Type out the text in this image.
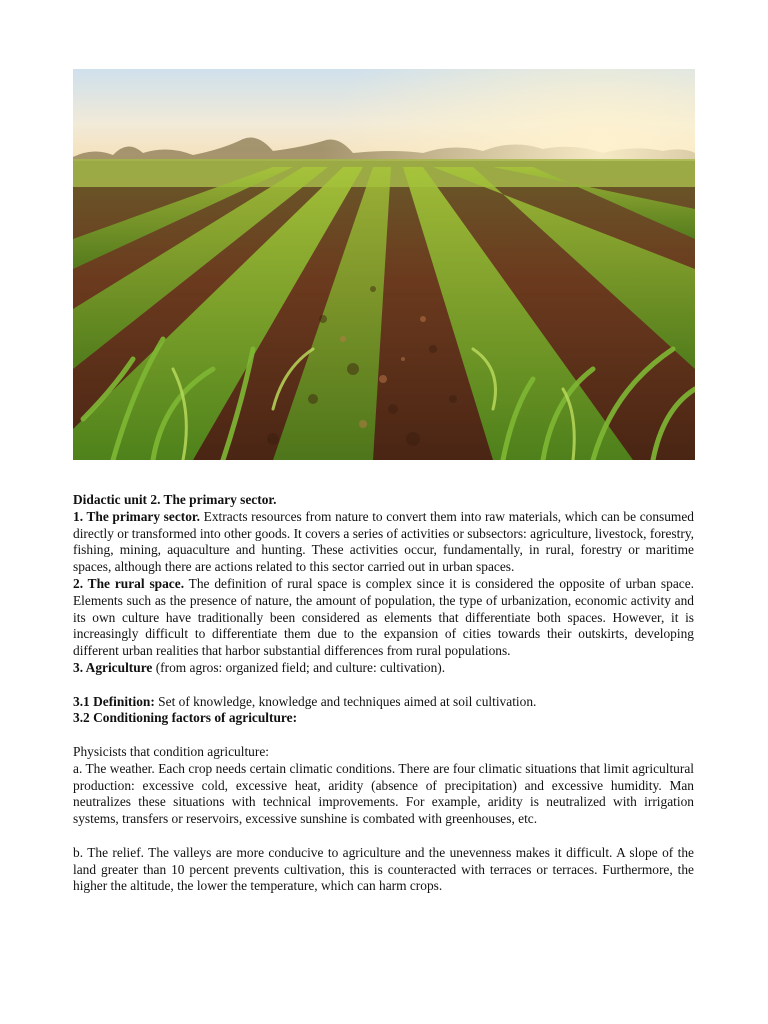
Didactic unit 2. The primary sector.

1. The primary sector. Extracts resources from nature to convert them into raw materials, which can be consumed directly or transformed into other goods. It covers a series of activities or subsectors: agriculture, livestock, forestry, fishing, mining, aquaculture and hunting. These activities occur, fundamentally, in rural, forestry or maritime spaces, although there are actions related to this sector carried out in urban spaces.

2. The rural space. The definition of rural space is complex since it is considered the opposite of urban space. Elements such as the presence of nature, the amount of population, the type of urbanization, economic activity and its own culture have traditionally been considered as elements that differentiate both spaces. However, it is increasingly difficult to differentiate them due to the expansion of cities towards their outskirts, developing different urban realities that harbor substantial differences from rural populations.

3. Agriculture (from agros: organized field; and culture: cultivation).

3.1 Definition: Set of knowledge, knowledge and techniques aimed at soil cultivation.

3.2 Conditioning factors of agriculture:

Physicists that condition agriculture:

a. The weather. Each crop needs certain climatic conditions. There are four climatic situations that limit agricultural production: excessive cold, excessive heat, aridity (absence of precipitation) and excessive humidity. Man neutralizes these situations with technical improvements. For example, aridity is neutralized with irrigation systems, transfers or reservoirs, excessive sunshine is combated with greenhouses, etc.

b. The relief. The valleys are more conducive to agriculture and the unevenness makes it difficult. A slope of the land greater than 10 percent prevents cultivation, this is counteracted with terraces or terraces. Furthermore, the higher the altitude, the lower the temperature, which can harm crops.
